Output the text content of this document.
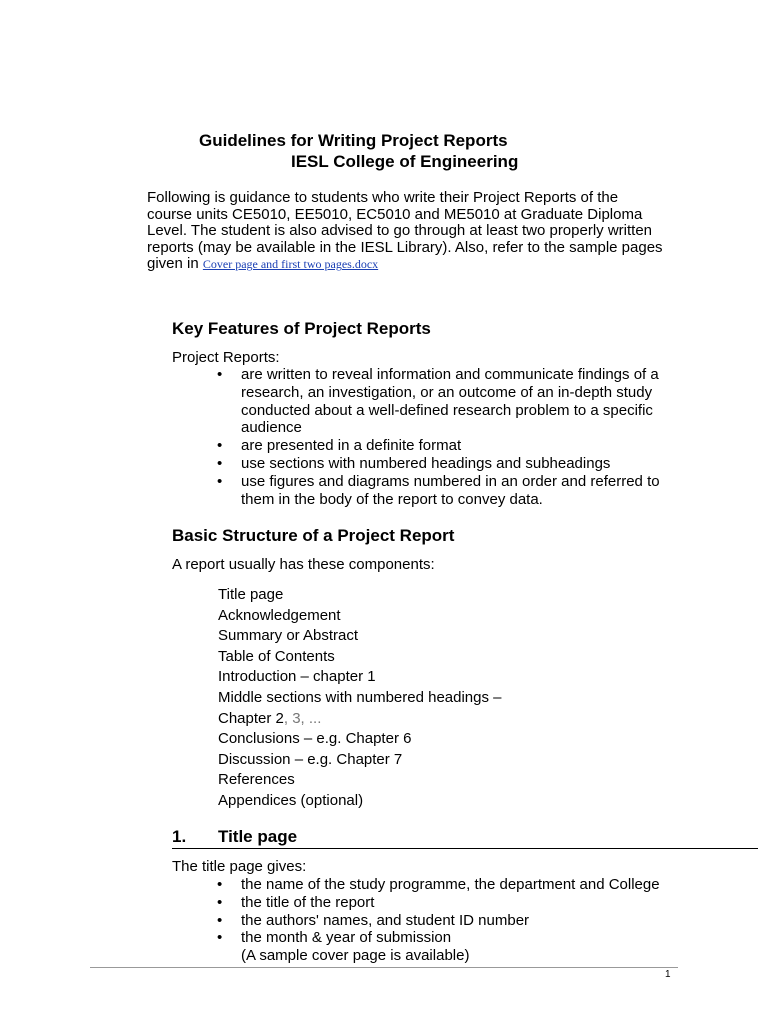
Guidelines for Writing Project Reports
IESL College of Engineering
Following is guidance to students who write their Project Reports of the course units CE5010, EE5010, EC5010 and ME5010 at Graduate Diploma Level. The student is also advised to go through at least two properly written reports (may be available in the IESL Library). Also, refer to the sample pages given in Cover page and first two pages.docx
Key Features of Project Reports
Project Reports:
• are written to reveal information and communicate findings of a research, an investigation, or an outcome of an in-depth study conducted about a well-defined research problem to a specific audience
• are presented in a definite format
• use sections with numbered headings and subheadings
• use figures and diagrams numbered in an order and referred to them in the body of the report to convey data.
Basic Structure of a Project Report
A report usually has these components:
Title page
Acknowledgement
Summary or Abstract
Table of Contents
Introduction – chapter 1
Middle sections with numbered headings –
Chapter 2, 3, ...
Conclusions – e.g. Chapter 6
Discussion – e.g. Chapter 7
References
Appendices (optional)
1. Title page
The title page gives:
• the name of the study programme, the department and College
• the title of the report
• the authors' names, and student ID number
• the month & year of submission
(A sample cover page is available)
1
